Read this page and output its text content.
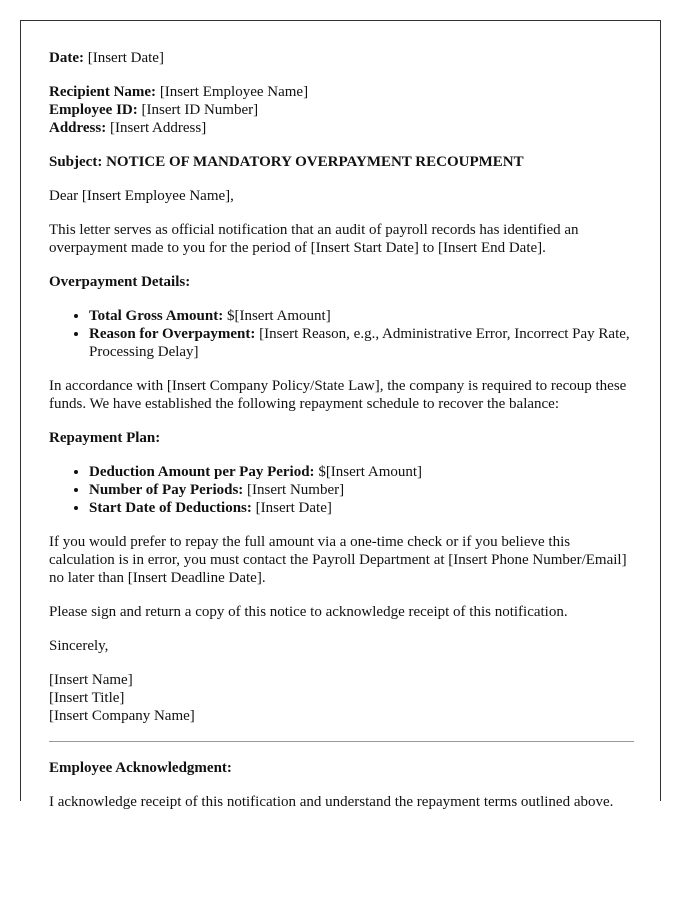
Date: [Insert Date]

Recipient Name: [Insert Employee Name]
Employee ID: [Insert ID Number]
Address: [Insert Address]

Subject: NOTICE OF MANDATORY OVERPAYMENT RECOUPMENT

Dear [Insert Employee Name],

This letter serves as official notification that an audit of payroll records has identified an overpayment made to you for the period of [Insert Start Date] to [Insert End Date].

Overpayment Details:

• Total Gross Amount: $[Insert Amount]
• Reason for Overpayment: [Insert Reason, e.g., Administrative Error, Incorrect Pay Rate, Processing Delay]

In accordance with [Insert Company Policy/State Law], the company is required to recoup these funds. We have established the following repayment schedule to recover the balance:

Repayment Plan:

• Deduction Amount per Pay Period: $[Insert Amount]
• Number of Pay Periods: [Insert Number]
• Start Date of Deductions: [Insert Date]

If you would prefer to repay the full amount via a one-time check or if you believe this calculation is in error, you must contact the Payroll Department at [Insert Phone Number/Email] no later than [Insert Deadline Date].

Please sign and return a copy of this notice to acknowledge receipt of this notification.

Sincerely,

[Insert Name]

[Insert Title]

[Insert Company Name]

Employee Acknowledgment:

I acknowledge receipt of this notification and understand the repayment terms outlined above.
